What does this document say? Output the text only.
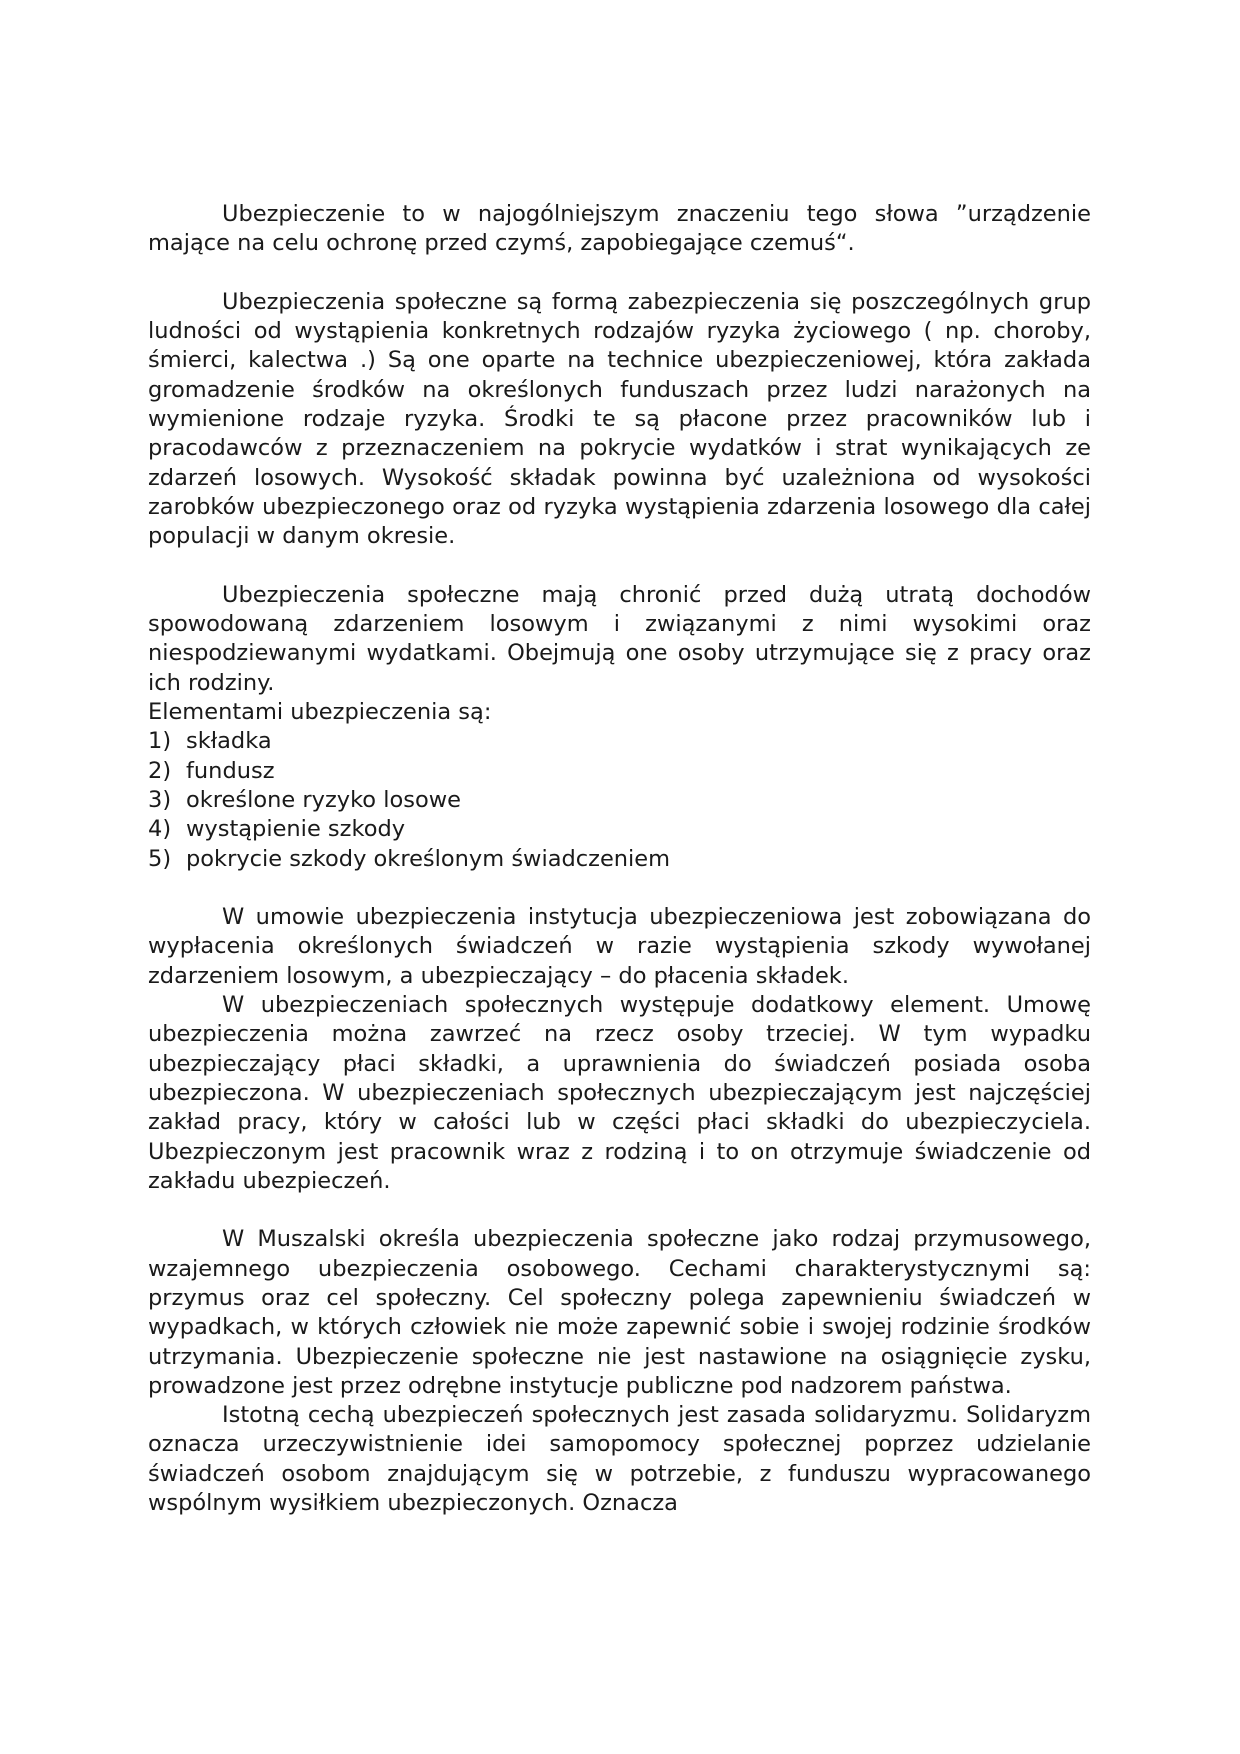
Ubezpieczenie to w najogólniejszym znaczeniu tego słowa ”urządzenie mające na celu ochronę przed czymś, zapobiegające czemuś“.

Ubezpieczenia społeczne są formą zabezpieczenia się poszczególnych grup ludności od wystąpienia konkretnych rodzajów ryzyka życiowego ( np. choroby, śmierci, kalectwa .) Są one oparte na technice ubezpieczeniowej, która zakłada gromadzenie środków na określonych funduszach przez ludzi narażonych na wymienione rodzaje ryzyka. Środki te są płacone przez pracowników lub i pracodawców z przeznaczeniem na pokrycie wydatków i strat wynikających ze zdarzeń losowych. Wysokość składak powinna być uzależniona od wysokości zarobków ubezpieczonego oraz od ryzyka wystąpienia zdarzenia losowego dla całej populacji w danym okresie.

Ubezpieczenia społeczne mają chronić przed dużą utratą dochodów spowodowaną zdarzeniem losowym i związanymi z nimi wysokimi oraz niespodziewanymi wydatkami. Obejmują one osoby utrzymujące się z pracy oraz ich rodziny.

Elementami ubezpieczenia są:

1) składka
2) fundusz
3) określone ryzyko losowe
4) wystąpienie szkody
5) pokrycie szkody określonym świadczeniem

W umowie ubezpieczenia instytucja ubezpieczeniowa jest zobowiązana do wypłacenia określonych świadczeń w razie wystąpienia szkody wywołanej zdarzeniem losowym, a ubezpieczający – do płacenia składek.

W ubezpieczeniach społecznych występuje dodatkowy element. Umowę ubezpieczenia można zawrzeć na rzecz osoby trzeciej. W tym wypadku ubezpieczający płaci składki, a uprawnienia do świadczeń posiada osoba ubezpieczona. W ubezpieczeniach społecznych ubezpieczającym jest najczęściej zakład pracy, który w całości lub w części płaci składki do ubezpieczyciela. Ubezpieczonym jest pracownik wraz z rodziną i to on otrzymuje świadczenie od zakładu ubezpieczeń.

W Muszalski określa ubezpieczenia społeczne jako rodzaj przymusowego, wzajemnego ubezpieczenia osobowego. Cechami charakterystycznymi są: przymus oraz cel społeczny. Cel społeczny polega zapewnieniu świadczeń w wypadkach, w których człowiek nie może zapewnić sobie i swojej rodzinie środków utrzymania. Ubezpieczenie społeczne nie jest nastawione na osiągnięcie zysku, prowadzone jest przez odrębne instytucje publiczne pod nadzorem państwa.

Istotną cechą ubezpieczeń społecznych jest zasada solidaryzmu. Solidaryzm oznacza urzeczywistnienie idei samopomocy społecznej poprzez udzielanie świadczeń osobom znajdującym się w potrzebie, z funduszu wypracowanego wspólnym wysiłkiem ubezpieczonych. Oznacza
